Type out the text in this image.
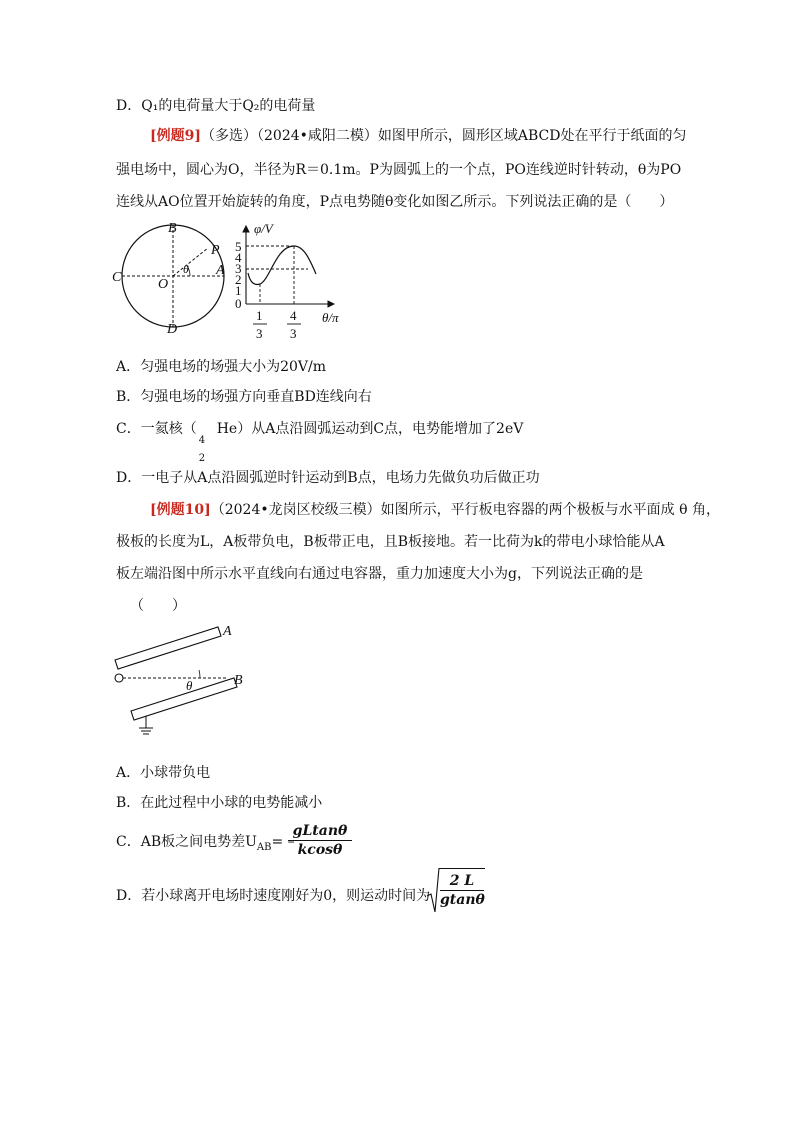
D．Q₁的电荷量大于Q₂的电荷量
[例题9]（多选）（2024•咸阳二模）如图甲所示，圆形区域ABCD处在平行于纸面的匀
强电场中，圆心为O，半径为R＝0.1m。P为圆弧上的一个点，PO连线逆时针转动，θ为PO
连线从AO位置开始旋转的角度，P点电势随θ变化如图乙所示。下列说法正确的是（　　）
B
P
C	A
O
θ
D
φ/V
5
4
3
2
1
0
1
3
4
3
θ/π
A．匀强电场的场强大小为20V/m
B．匀强电场的场强方向垂直BD连线向右
C．一氦核（
4
2
He）从A点沿圆弧运动到C点，电势能增加了2eV
D．一电子从A点沿圆弧逆时针运动到B点，电场力先做负功后做正功
[例题10]（2024•龙岗区校级三模）如图所示，平行板电容器的两个极板与水平面成 θ 角，
极板的长度为L，A板带负电，B板带正电，且B板接地。若一比荷为k的带电小球恰能从A
板左端沿图中所示水平直线向右通过电容器，重力加速度大小为g，下列说法正确的是
（　　）
A
B
θ
A．小球带负电
B．在此过程中小球的电势能减小
C．AB板之间电势差$U_{AB}=$ –
$\frac{gLtan\theta}{kcos\theta}$
D．若小球离开电场时速度刚好为0，则运动时间为 $\frac{2 L}{gtan\theta}$
